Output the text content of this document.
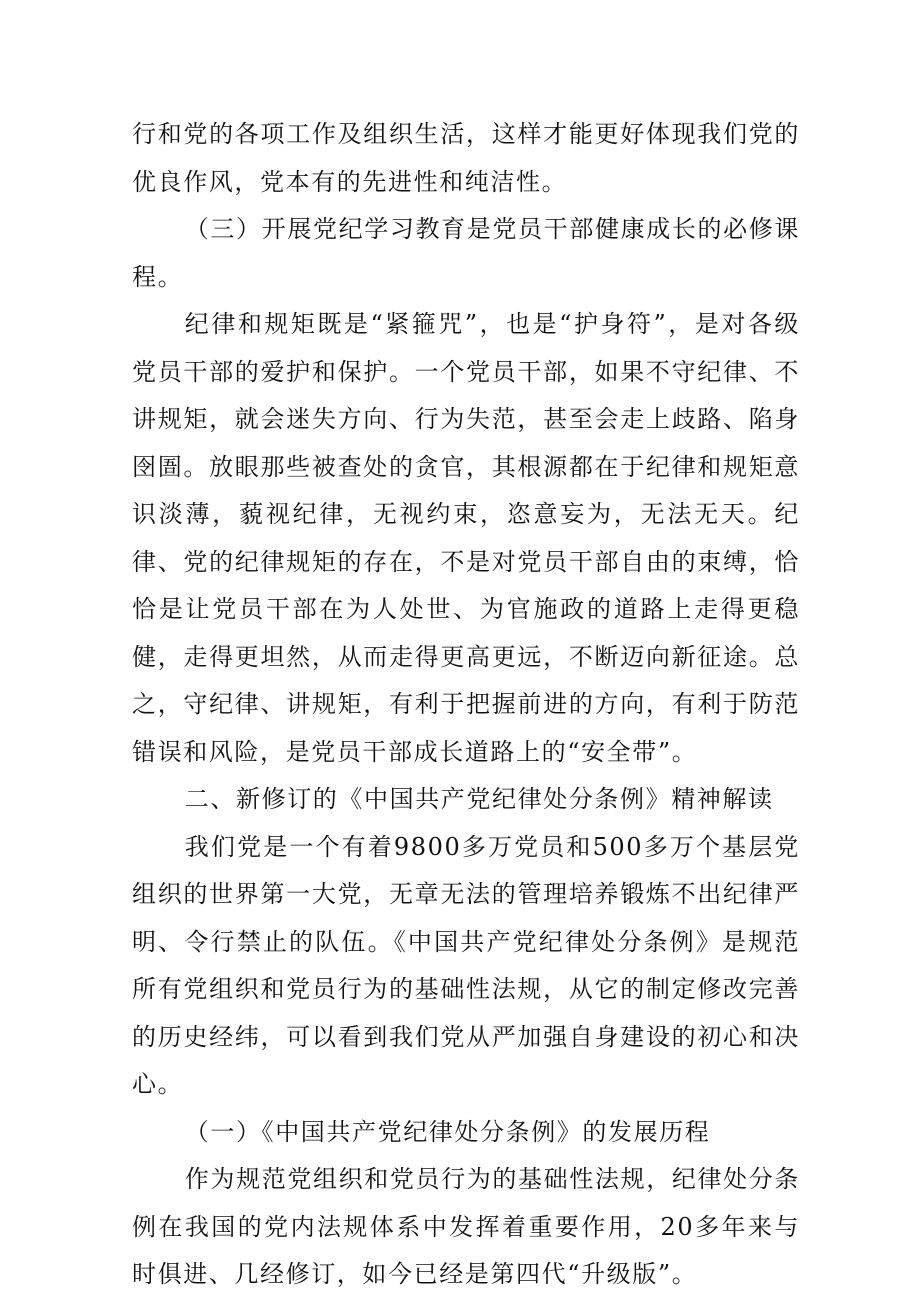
行和党的各项工作及组织生活，这样才能更好体现我们党的优良作风，党本有的先进性和纯洁性。

（三）开展党纪学习教育是党员干部健康成长的必修课程。

纪律和规矩既是“紧箍咒”，也是“护身符”，是对各级党员干部的爱护和保护。一个党员干部，如果不守纪律、不讲规矩，就会迷失方向、行为失范，甚至会走上歧路、陷身囹圄。放眼那些被查处的贪官，其根源都在于纪律和规矩意识淡薄，藐视纪律，无视约束，恣意妄为，无法无天。纪律、党的纪律规矩的存在，不是对党员干部自由的束缚，恰恰是让党员干部在为人处世、为官施政的道路上走得更稳健，走得更坦然，从而走得更高更远，不断迈向新征途。总之，守纪律、讲规矩，有利于把握前进的方向，有利于防范错误和风险，是党员干部成长道路上的“安全带”。

二、新修订的《中国共产党纪律处分条例》精神解读

我们党是一个有着9800多万党员和500多万个基层党组织的世界第一大党，无章无法的管理培养锻炼不出纪律严明、令行禁止的队伍。《中国共产党纪律处分条例》是规范所有党组织和党员行为的基础性法规，从它的制定修改完善的历史经纬，可以看到我们党从严加强自身建设的初心和决心。

（一）《中国共产党纪律处分条例》的发展历程

作为规范党组织和党员行为的基础性法规，纪律处分条例在我国的党内法规体系中发挥着重要作用，20多年来与时俱进、几经修订，如今已经是第四代“升级版”。
